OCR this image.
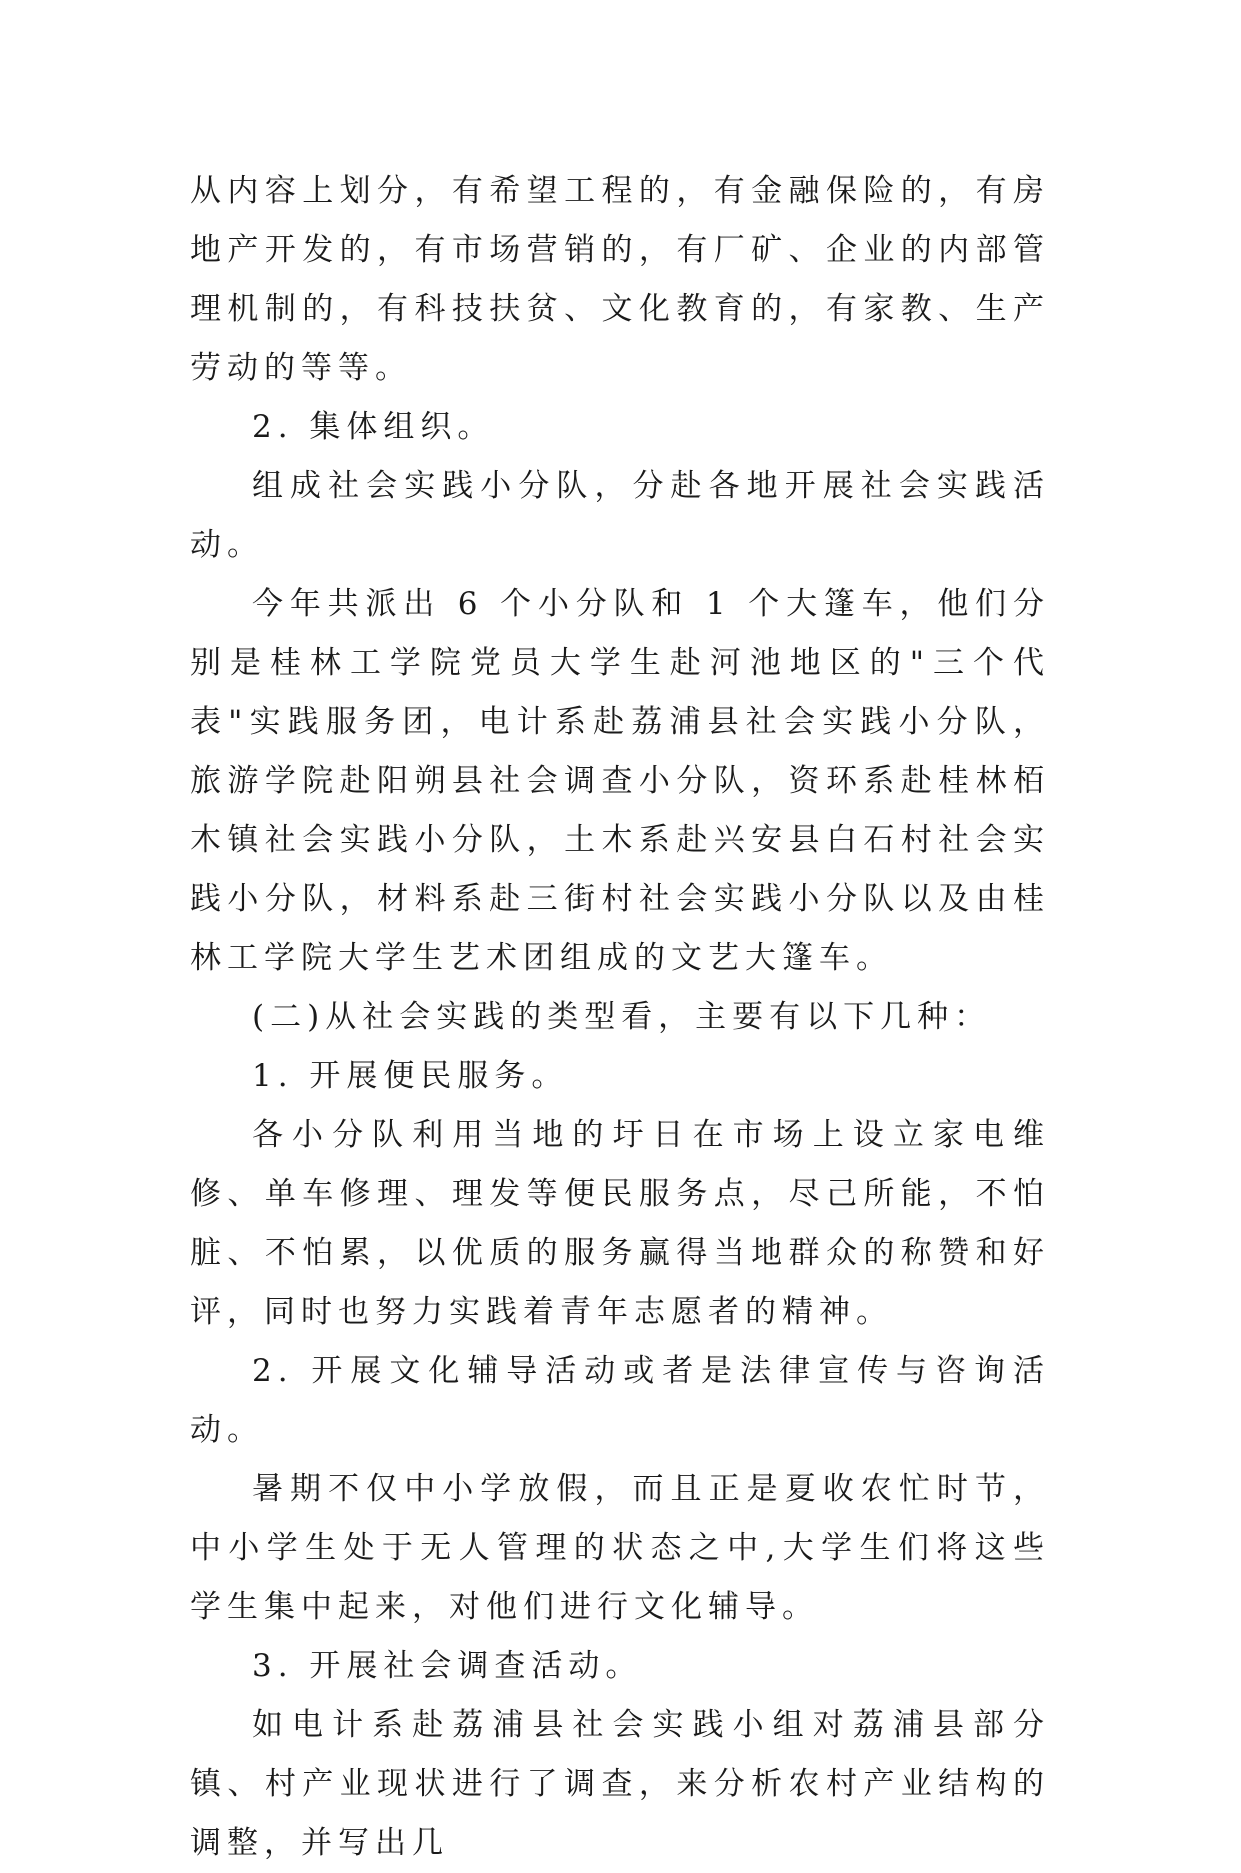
从内容上划分，有希望工程的，有金融保险的，有房地产开发的，有市场营销的，有厂矿、企业的内部管理机制的，有科技扶贫、文化教育的，有家教、生产劳动的等等。

2. 集体组织。

组成社会实践小分队，分赴各地开展社会实践活动。

今年共派出 6 个小分队和 1 个大篷车，他们分别是桂林工学院党员大学生赴河池地区的"三个代表"实践服务团，电计系赴荔浦县社会实践小分队，旅游学院赴阳朔县社会调查小分队，资环系赴桂林栢木镇社会实践小分队，土木系赴兴安县白石村社会实践小分队，材料系赴三街村社会实践小分队以及由桂林工学院大学生艺术团组成的文艺大篷车。

(二)从社会实践的类型看，主要有以下几种：

1. 开展便民服务。

各小分队利用当地的圩日在市场上设立家电维修、单车修理、理发等便民服务点，尽己所能，不怕脏、不怕累，以优质的服务赢得当地群众的称赞和好评，同时也努力实践着青年志愿者的精神。

2. 开展文化辅导活动或者是法律宣传与咨询活动。

暑期不仅中小学放假，而且正是夏收农忙时节，中小学生处于无人管理的状态之中,大学生们将这些学生集中起来，对他们进行文化辅导。

3. 开展社会调查活动。

如电计系赴荔浦县社会实践小组对荔浦县部分镇、村产业现状进行了调查，来分析农村产业结构的调整，并写出几
